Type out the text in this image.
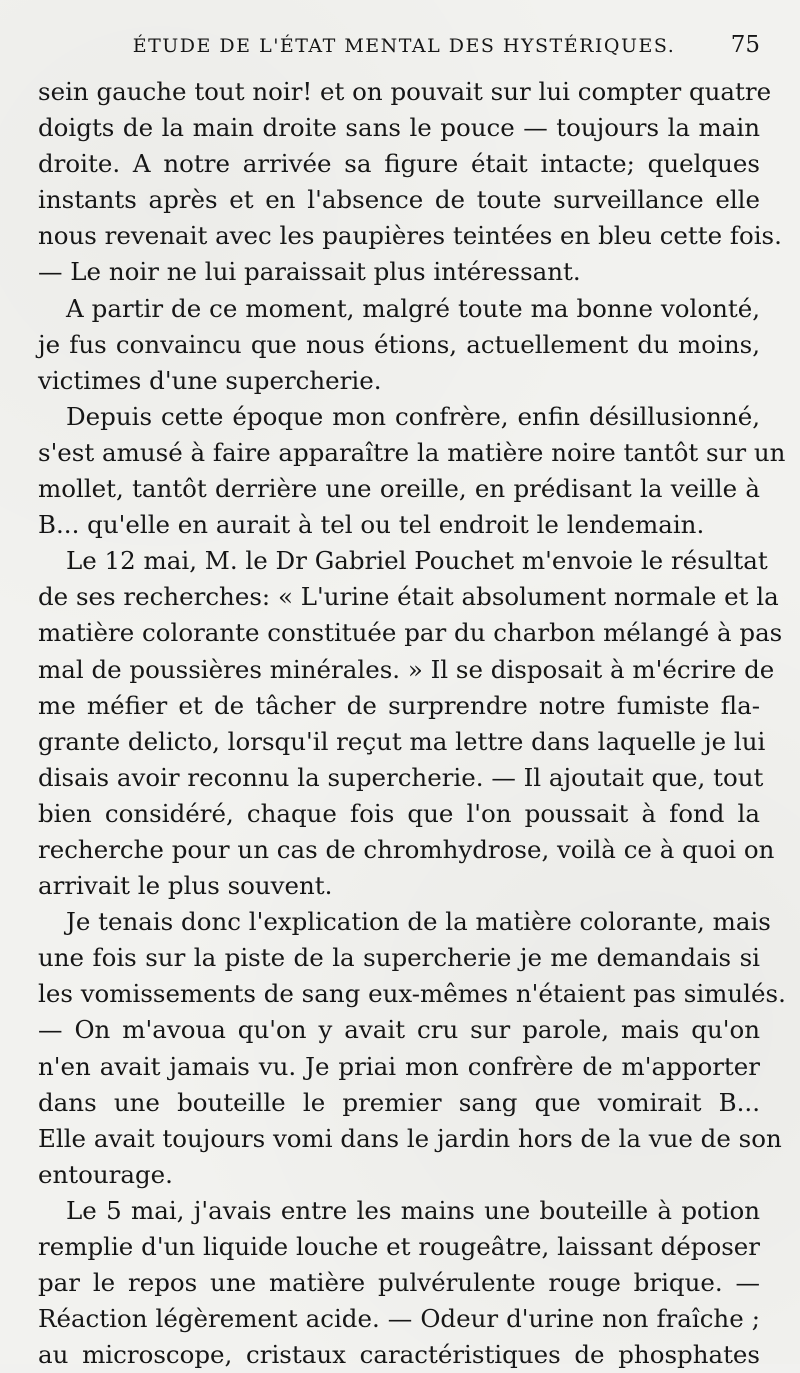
ÉTUDE DE L'ÉTAT MENTAL DES HYSTÉRIQUES.	75
sein gauche tout noir! et on pouvait sur lui compter quatre
doigts de la main droite sans le pouce — toujours la main
droite. A notre arrivée sa figure était intacte; quelques
instants après et en l'absence de toute surveillance elle
nous revenait avec les paupières teintées en bleu cette fois.
— Le noir ne lui paraissait plus intéressant.
A partir de ce moment, malgré toute ma bonne volonté,
je fus convaincu que nous étions, actuellement du moins,
victimes d'une supercherie.
Depuis cette époque mon confrère, enfin désillusionné,
s'est amusé à faire apparaître la matière noire tantôt sur un
mollet, tantôt derrière une oreille, en prédisant la veille à
B... qu'elle en aurait à tel ou tel endroit le lendemain.
Le 12 mai, M. le Dr Gabriel Pouchet m'envoie le résultat
de ses recherches: « L'urine était absolument normale et la
matière colorante constituée par du charbon mélangé à pas
mal de poussières minérales. » Il se disposait à m'écrire de
me méfier et de tâcher de surprendre notre fumiste fla-
grante delicto, lorsqu'il reçut ma lettre dans laquelle je lui
disais avoir reconnu la supercherie. — Il ajoutait que, tout
bien considéré, chaque fois que l'on poussait à fond la
recherche pour un cas de chromhydrose, voilà ce à quoi on
arrivait le plus souvent.
Je tenais donc l'explication de la matière colorante, mais
une fois sur la piste de la supercherie je me demandais si
les vomissements de sang eux-mêmes n'étaient pas simulés.
— On m'avoua qu'on y avait cru sur parole, mais qu'on
n'en avait jamais vu. Je priai mon confrère de m'apporter
dans une bouteille le premier sang que vomirait B...
Elle avait toujours vomi dans le jardin hors de la vue de son
entourage.
Le 5 mai, j'avais entre les mains une bouteille à potion
remplie d'un liquide louche et rougeâtre, laissant déposer
par le repos une matière pulvérulente rouge brique. —
Réaction légèrement acide. — Odeur d'urine non fraîche ;
au microscope, cristaux caractéristiques de phosphates
